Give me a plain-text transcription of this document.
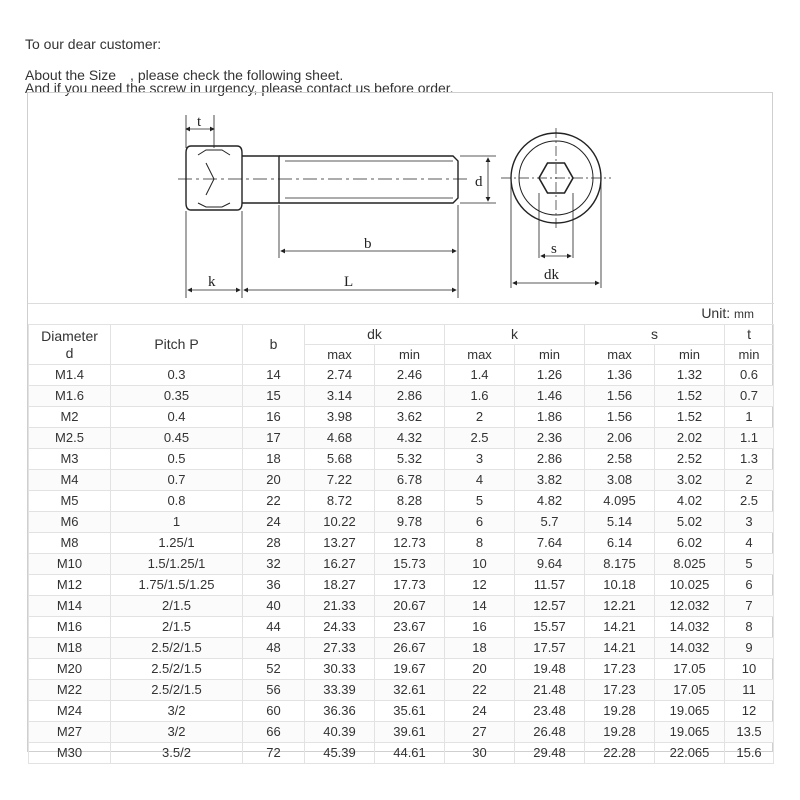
To our dear customer:
About the Size　, please check the following sheet.
And if you need the screw in urgency, please contact us before order.
t
d
b
k	L
s
dk
Unit: mm
Diameter
d	Pitch P	b	dk		k		s		t
			max	min	max	min	max	min	min
M1.4	0.3	14	2.74	2.46	1.4	1.26	1.36	1.32	0.6
M1.6	0.35	15	3.14	2.86	1.6	1.46	1.56	1.52	0.7
M2	0.4	16	3.98	3.62	2	1.86	1.56	1.52	1
M2.5	0.45	17	4.68	4.32	2.5	2.36	2.06	2.02	1.1
M3	0.5	18	5.68	5.32	3	2.86	2.58	2.52	1.3
M4	0.7	20	7.22	6.78	4	3.82	3.08	3.02	2
M5	0.8	22	8.72	8.28	5	4.82	4.095	4.02	2.5
M6	1	24	10.22	9.78	6	5.7	5.14	5.02	3
M8	1.25/1	28	13.27	12.73	8	7.64	6.14	6.02	4
M10	1.5/1.25/1	32	16.27	15.73	10	9.64	8.175	8.025	5
M12	1.75/1.5/1.25	36	18.27	17.73	12	11.57	10.18	10.025	6
M14	2/1.5	40	21.33	20.67	14	12.57	12.21	12.032	7
M16	2/1.5	44	24.33	23.67	16	15.57	14.21	14.032	8
M18	2.5/2/1.5	48	27.33	26.67	18	17.57	14.21	14.032	9
M20	2.5/2/1.5	52	30.33	19.67	20	19.48	17.23	17.05	10
M22	2.5/2/1.5	56	33.39	32.61	22	21.48	17.23	17.05	11
M24	3/2	60	36.36	35.61	24	23.48	19.28	19.065	12
M27	3/2	66	40.39	39.61	27	26.48	19.28	19.065	13.5
M30	3.5/2	72	45.39	44.61	30	29.48	22.28	22.065	15.6
